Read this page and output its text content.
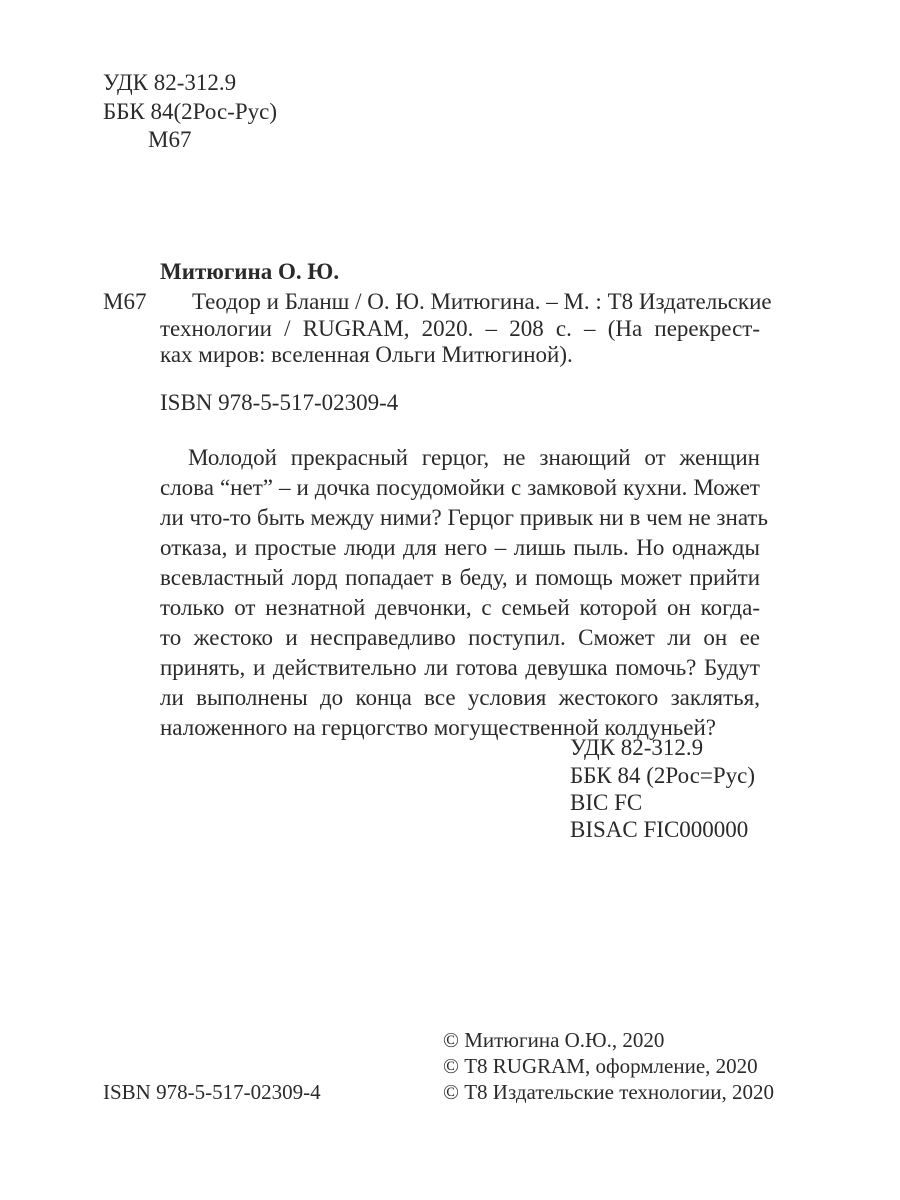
УДК 82-312.9
ББК 84(2Рос-Рус)
М67
Митюгина О. Ю.
М67 Теодор и Бланш / О. Ю. Митюгина. – М. : Т8 Издательские
технологии / RUGRAM, 2020. – 208 с. – (На перекрест-
ках миров: вселенная Ольги Митюгиной).
ISBN 978-5-517-02309-4
Молодой прекрасный герцог, не знающий от женщин
слова “нет” – и дочка посудомойки с замковой кухни. Может
ли что-то быть между ними? Герцог привык ни в чем не знать
отказа, и простые люди для него – лишь пыль. Но однажды
всевластный лорд попадает в беду, и помощь может прийти
только от незнатной девчонки, с семьей которой он когда-
то жестоко и несправедливо поступил. Сможет ли он ее
принять, и действительно ли готова девушка помочь? Будут
ли выполнены до конца все условия жестокого заклятья,
наложенного на герцогство могущественной колдуньей?
УДК 82-312.9
ББК 84 (2Рос=Рус)
BIC FC
BISAC FIC000000
© Митюгина О.Ю., 2020
© Т8 RUGRAM, оформление, 2020
© Т8 Издательские технологии, 2020
ISBN 978-5-517-02309-4
